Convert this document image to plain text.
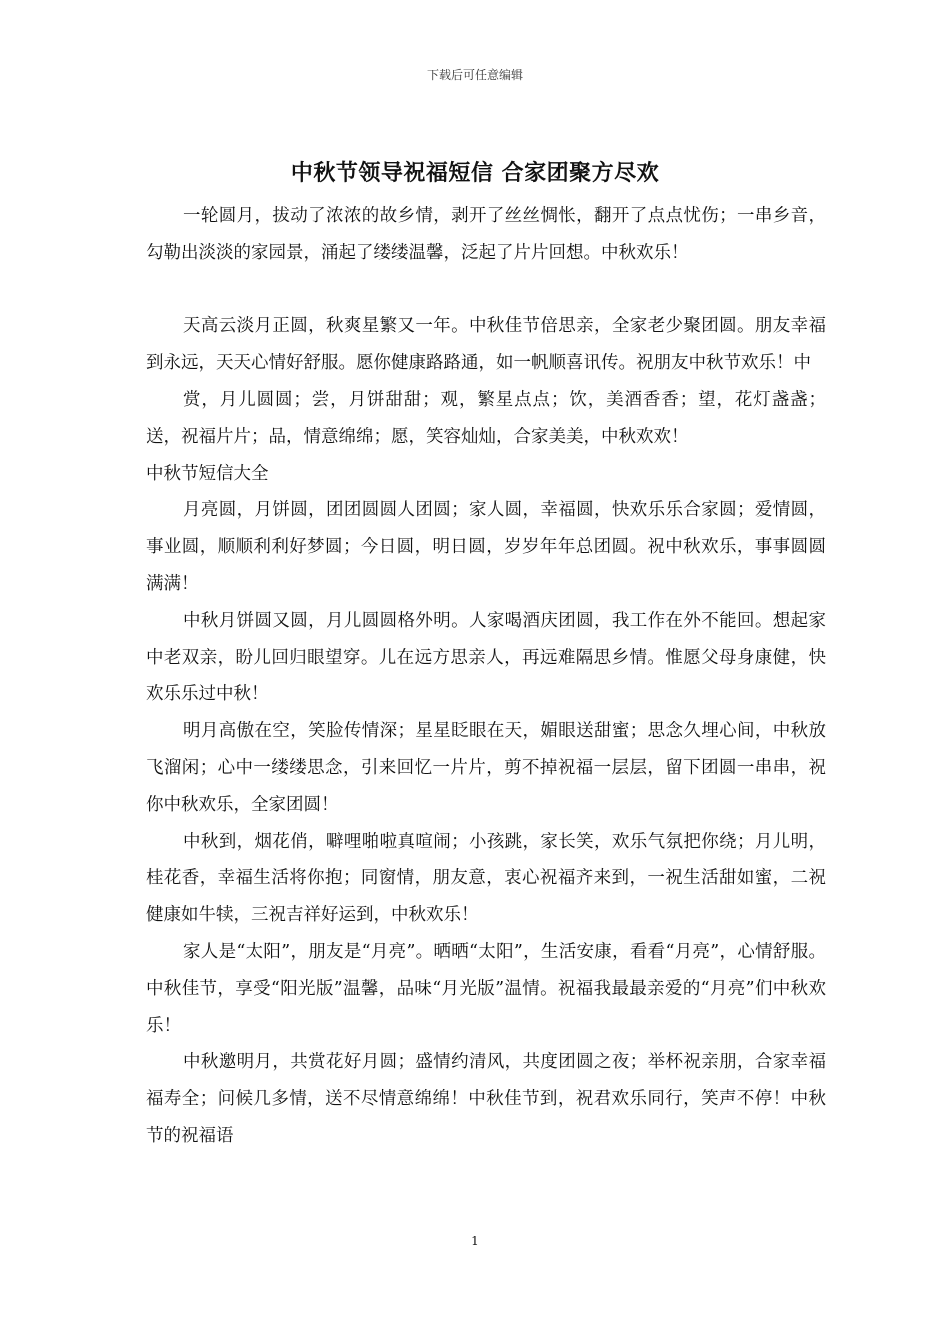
下载后可任意编辑
中秋节领导祝福短信 合家团聚方尽欢

一轮圆月，拔动了浓浓的故乡情，剥开了丝丝惆怅，翻开了点点忧伤；一串乡音，勾勒出淡淡的家园景，涌起了缕缕温馨，泛起了片片回想。中秋欢乐！

天高云淡月正圆，秋爽星繁又一年。中秋佳节倍思亲，全家老少聚团圆。朋友幸福到永远，天天心情好舒服。愿你健康路路通，如一帆顺喜讯传。祝朋友中秋节欢乐！中

赏，月儿圆圆；尝，月饼甜甜；观，繁星点点；饮，美酒香香；望，花灯盏盏；送，祝福片片；品，情意绵绵；愿，笑容灿灿，合家美美，中秋欢欢！

中秋节短信大全

月亮圆，月饼圆，团团圆圆人团圆；家人圆，幸福圆，快欢乐乐合家圆；爱情圆，事业圆，顺顺利利好梦圆；今日圆，明日圆，岁岁年年总团圆。祝中秋欢乐，事事圆圆满满！

中秋月饼圆又圆，月儿圆圆格外明。人家喝酒庆团圆，我工作在外不能回。想起家中老双亲，盼儿回归眼望穿。儿在远方思亲人，再远难隔思乡情。惟愿父母身康健，快欢乐乐过中秋！

明月高傲在空，笑脸传情深；星星眨眼在天，媚眼送甜蜜；思念久埋心间，中秋放飞溜闲；心中一缕缕思念，引来回忆一片片，剪不掉祝福一层层，留下团圆一串串，祝你中秋欢乐，全家团圆！

中秋到，烟花俏，噼哩啪啦真喧闹；小孩跳，家长笑，欢乐气氛把你绕；月儿明，桂花香，幸福生活将你抱；同窗情，朋友意，衷心祝福齐来到，一祝生活甜如蜜，二祝健康如牛犊，三祝吉祥好运到，中秋欢乐！

家人是“太阳”，朋友是“月亮”。晒晒“太阳”，生活安康，看看“月亮”，心情舒服。中秋佳节，享受“阳光版”温馨，品味“月光版”温情。祝福我最最亲爱的“月亮”们中秋欢乐！

中秋邀明月，共赏花好月圆；盛情约清风，共度团圆之夜；举杯祝亲朋，合家幸福福寿全；问候几多情，送不尽情意绵绵！中秋佳节到，祝君欢乐同行，笑声不停！中秋节的祝福语

1
